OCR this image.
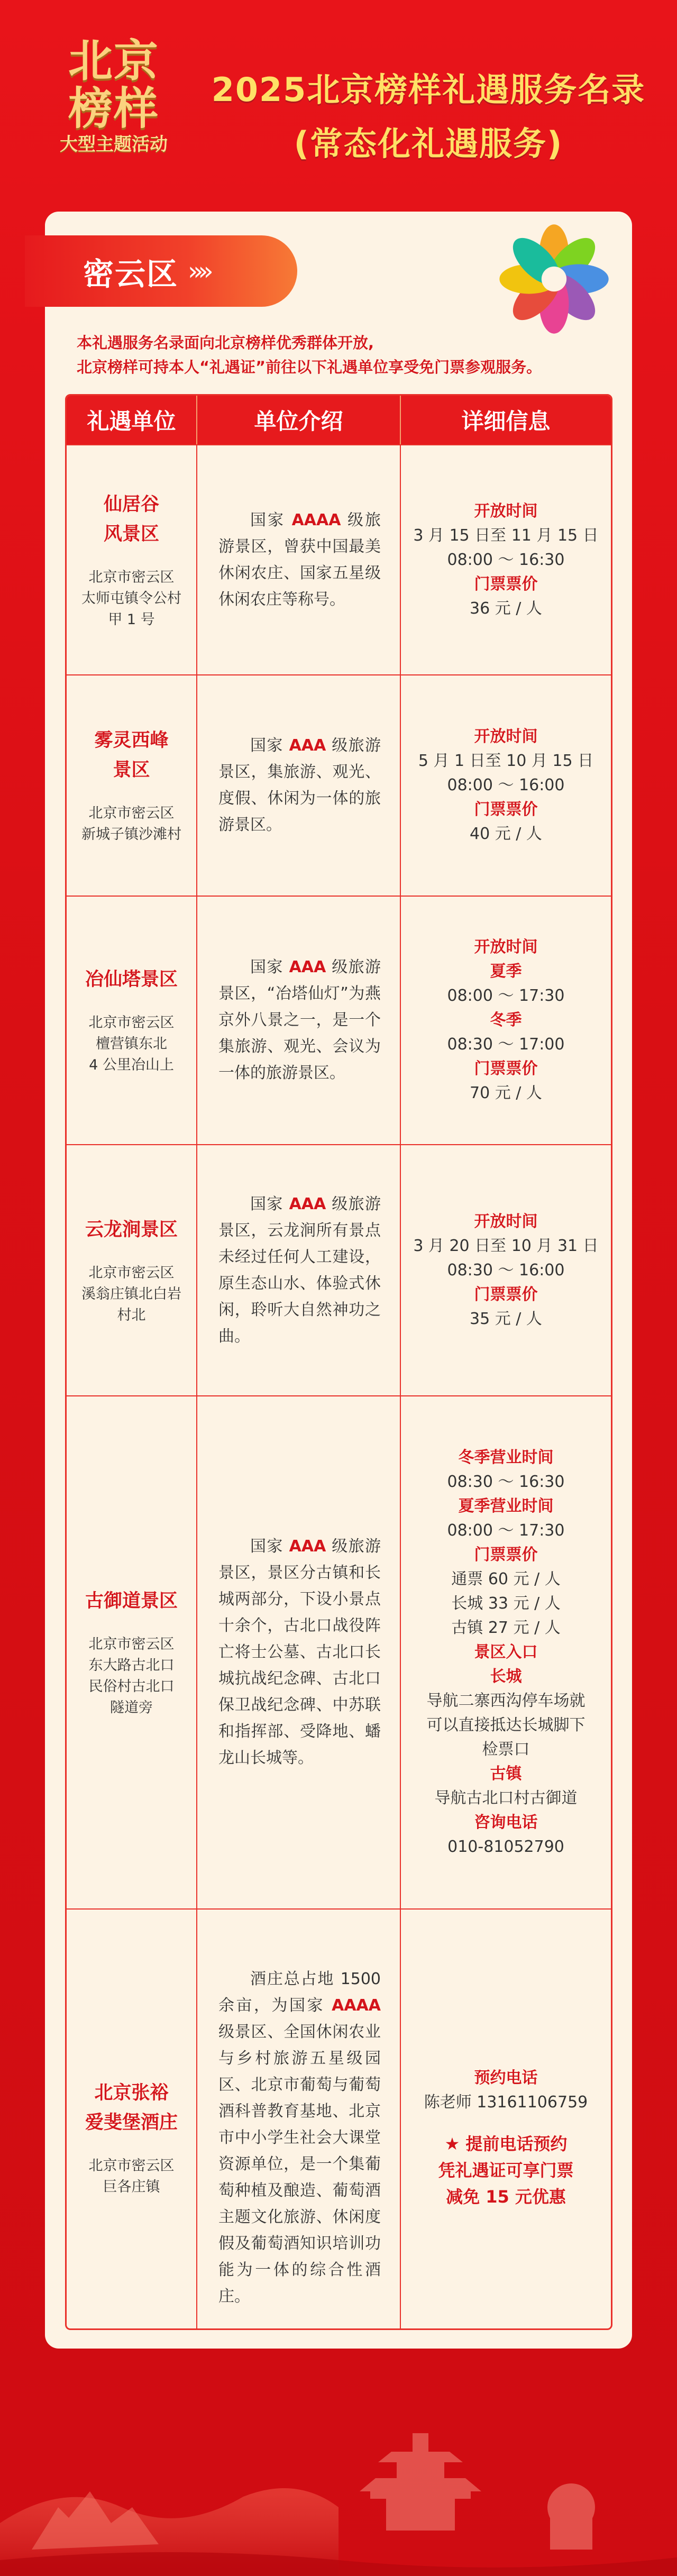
北京
榜样
大型主题活动
2025北京榜样礼遇服务名录
(常态化礼遇服务)
密云区 »»
本礼遇服务名录面向北京榜样优秀群体开放,
北京榜样可持本人“礼遇证”前往以下礼遇单位享受免门票参观服务。
礼遇单位	单位介绍	详细信息
仙居谷
风景区
北京市密云区
太师屯镇令公村
甲 1 号
国家 AAAA 级旅游景区，曾获中国最美休闲农庄、国家五星级休闲农庄等称号。
开放时间
3 月 15 日至 11 月 15 日
08:00 ～ 16:30
门票票价
36 元 / 人
雾灵西峰
景区
北京市密云区
新城子镇沙滩村
国家 AAA 级旅游景区，集旅游、观光、度假、休闲为一体的旅游景区。
开放时间
5 月 1 日至 10 月 15 日
08:00 ～ 16:00
门票票价
40 元 / 人
冶仙塔景区
北京市密云区
檀营镇东北
4 公里冶山上
国家 AAA 级旅游景区，“冶塔仙灯”为燕京外八景之一，是一个集旅游、观光、会议为一体的旅游景区。
开放时间
夏季
08:00 ～ 17:30
冬季
08:30 ～ 17:00
门票票价
70 元 / 人
云龙涧景区
北京市密云区
溪翁庄镇北白岩
村北
国家 AAA 级旅游景区，云龙涧所有景点未经过任何人工建设，原生态山水、体验式休闲，聆听大自然神功之曲。
开放时间
3 月 20 日至 10 月 31 日
08:30 ～ 16:00
门票票价
35 元 / 人
古御道景区
北京市密云区
东大路古北口
民俗村古北口
隧道旁
国家 AAA 级旅游景区，景区分古镇和长城两部分，下设小景点十余个，古北口战役阵亡将士公墓、古北口长城抗战纪念碑、古北口保卫战纪念碑、中苏联和指挥部、受降地、蟠龙山长城等。
冬季营业时间
08:30 ～ 16:30
夏季营业时间
08:00 ～ 17:30
门票票价
通票 60 元 / 人
长城 33 元 / 人
古镇 27 元 / 人
景区入口
长城
导航二寨西沟停车场就
可以直接抵达长城脚下
检票口
古镇
导航古北口村古御道
咨询电话
010-81052790
北京张裕
爱斐堡酒庄
北京市密云区
巨各庄镇
酒庄总占地 1500 余亩，为国家 AAAA 级景区、全国休闲农业与乡村旅游五星级园区、北京市葡萄与葡萄酒科普教育基地、北京市中小学生社会大课堂资源单位，是一个集葡萄种植及酿造、葡萄酒主题文化旅游、休闲度假及葡萄酒知识培训功能为一体的综合性酒庄。
预约电话
陈老师 13161106759
★ 提前电话预约
凭礼遇证可享门票
减免 15 元优惠
